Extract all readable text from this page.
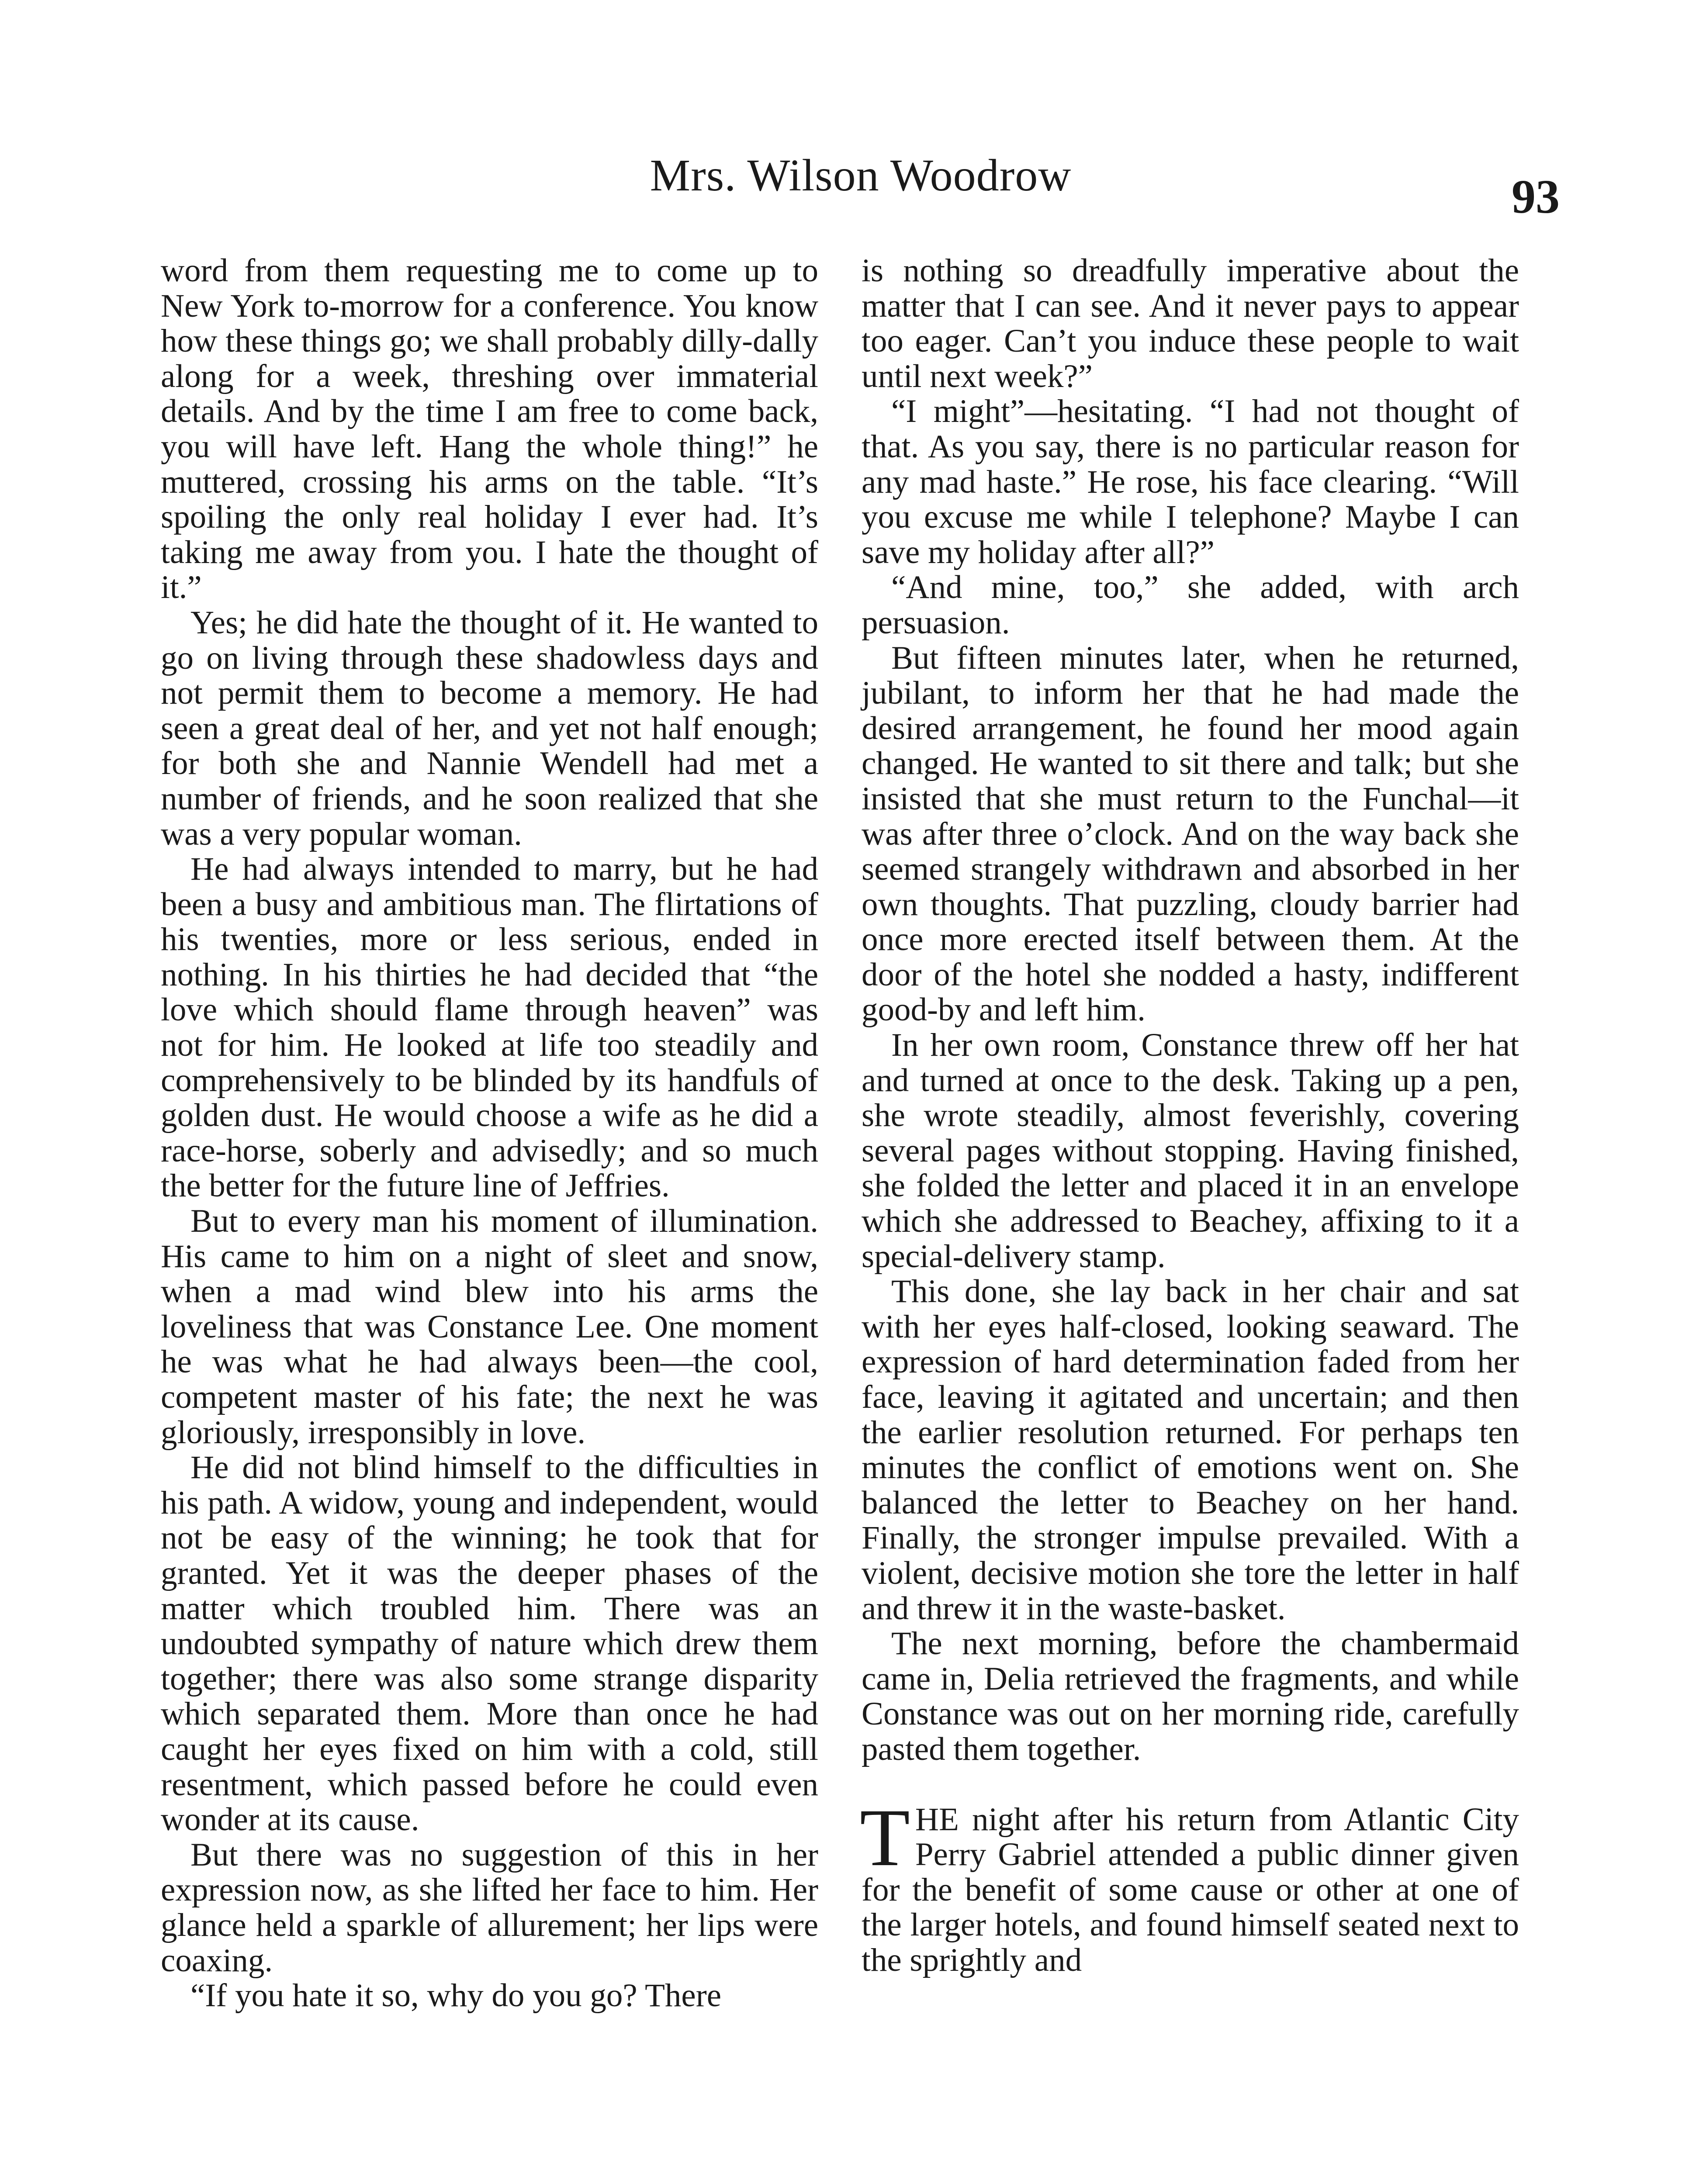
Mrs. Wilson Woodrow	93

word from them requesting me to come up to New York to-morrow for a conference. You know how these things go; we shall probably dilly-dally along for a week, threshing over immaterial details. And by the time I am free to come back, you will have left. Hang the whole thing!” he muttered, crossing his arms on the table. “It’s spoiling the only real holiday I ever had. It’s taking me away from you. I hate the thought of it.”

Yes; he did hate the thought of it. He wanted to go on living through these shadowless days and not permit them to become a memory. He had seen a great deal of her, and yet not half enough; for both she and Nannie Wendell had met a number of friends, and he soon realized that she was a very popular woman.

He had always intended to marry, but he had been a busy and ambitious man. The flirtations of his twenties, more or less serious, ended in nothing. In his thirties he had decided that “the love which should flame through heaven” was not for him. He looked at life too steadily and comprehensively to be blinded by its handfuls of golden dust. He would choose a wife as he did a race-horse, soberly and advisedly; and so much the better for the future line of Jeffries.

But to every man his moment of illumination. His came to him on a night of sleet and snow, when a mad wind blew into his arms the loveliness that was Constance Lee. One moment he was what he had always been—the cool, competent master of his fate; the next he was gloriously, irresponsibly in love.

He did not blind himself to the difficulties in his path. A widow, young and independent, would not be easy of the winning; he took that for granted. Yet it was the deeper phases of the matter which troubled him. There was an undoubted sympathy of nature which drew them together; there was also some strange disparity which separated them. More than once he had caught her eyes fixed on him with a cold, still resentment, which passed before he could even wonder at its cause.

But there was no suggestion of this in her expression now, as she lifted her face to him. Her glance held a sparkle of allurement; her lips were coaxing.

“If you hate it so, why do you go? There

is nothing so dreadfully imperative about the matter that I can see. And it never pays to appear too eager. Can’t you induce these people to wait until next week?”

“I might”—hesitating. “I had not thought of that. As you say, there is no particular reason for any mad haste.” He rose, his face clearing. “Will you excuse me while I telephone? Maybe I can save my holiday after all?”

“And mine, too,” she added, with arch persuasion.

But fifteen minutes later, when he returned, jubilant, to inform her that he had made the desired arrangement, he found her mood again changed. He wanted to sit there and talk; but she insisted that she must return to the Funchal—it was after three o’clock. And on the way back she seemed strangely withdrawn and absorbed in her own thoughts. That puzzling, cloudy barrier had once more erected itself between them. At the door of the hotel she nodded a hasty, indifferent good-by and left him.

In her own room, Constance threw off her hat and turned at once to the desk. Taking up a pen, she wrote steadily, almost feverishly, covering several pages without stopping. Having finished, she folded the letter and placed it in an envelope which she addressed to Beachey, affixing to it a special-delivery stamp.

This done, she lay back in her chair and sat with her eyes half-closed, looking seaward. The expression of hard determination faded from her face, leaving it agitated and uncertain; and then the earlier resolution returned. For perhaps ten minutes the conflict of emotions went on. She balanced the letter to Beachey on her hand. Finally, the stronger impulse prevailed. With a violent, decisive motion she tore the letter in half and threw it in the waste-basket.

The next morning, before the chambermaid came in, Delia retrieved the fragments, and while Constance was out on her morning ride, carefully pasted them together.

THE night after his return from Atlantic City Perry Gabriel attended a public dinner given for the benefit of some cause or other at one of the larger hotels, and found himself seated next to the sprightly and
